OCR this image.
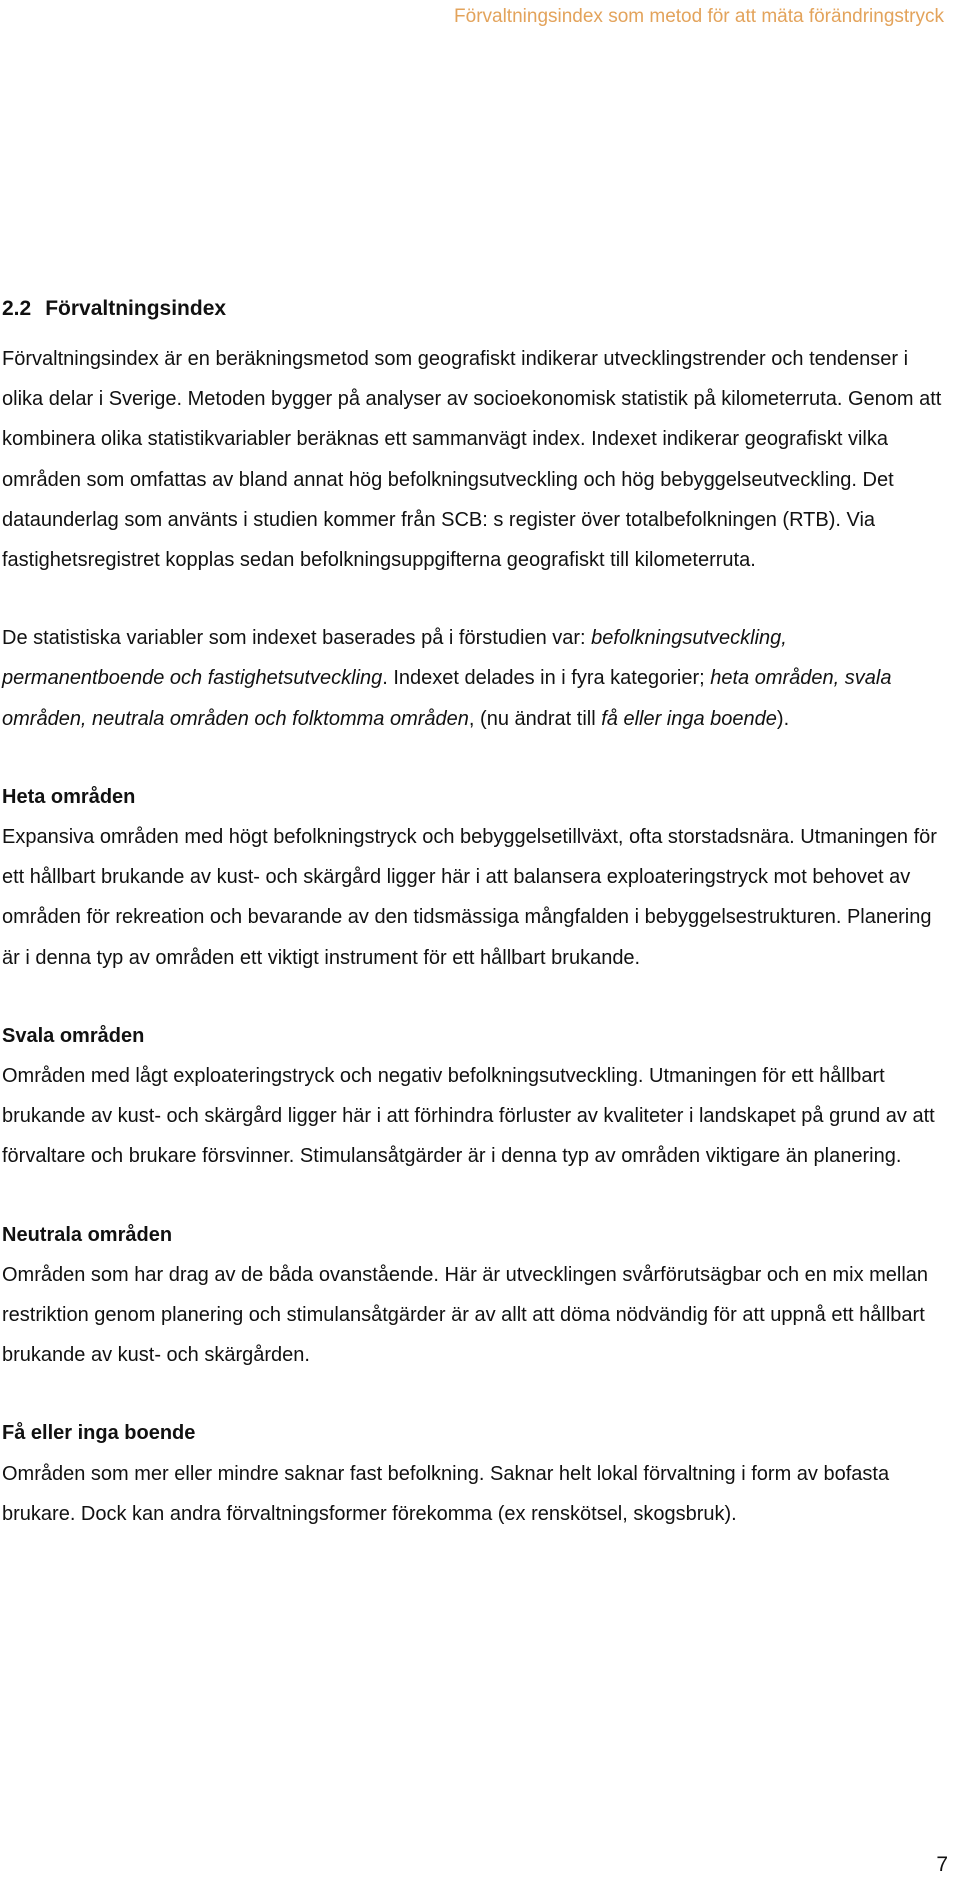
Förvaltningsindex som metod för att mäta förändringstryck
2.2 Förvaltningsindex

Förvaltningsindex är en beräkningsmetod som geografiskt indikerar utvecklingstrender och tendenser i olika delar i Sverige. Metoden bygger på analyser av socioekonomisk statistik på kilometerruta. Genom att kombinera olika statistikvariabler beräknas ett sammanvägt index. Indexet indikerar geografiskt vilka områden som omfattas av bland annat hög befolkningsutveckling och hög bebyggelseutveckling. Det dataunderlag som använts i studien kommer från SCB: s register över totalbefolkningen (RTB). Via fastighetsregistret kopplas sedan befolkningsuppgifterna geografiskt till kilometerruta.

De statistiska variabler som indexet baserades på i förstudien var: befolkningsutveckling, permanentboende och fastighetsutveckling. Indexet delades in i fyra kategorier; heta områden, svala områden, neutrala områden och folktomma områden, (nu ändrat till få eller inga boende).

Heta områden

Expansiva områden med högt befolkningstryck och bebyggelsetillväxt, ofta storstadsnära. Utmaningen för ett hållbart brukande av kust- och skärgård ligger här i att balansera exploateringstryck mot behovet av områden för rekreation och bevarande av den tidsmässiga mångfalden i bebyggelsestrukturen. Planering är i denna typ av områden ett viktigt instrument för ett hållbart brukande.

Svala områden

Områden med lågt exploateringstryck och negativ befolkningsutveckling. Utmaningen för ett hållbart brukande av kust- och skärgård ligger här i att förhindra förluster av kvaliteter i landskapet på grund av att förvaltare och brukare försvinner. Stimulansåtgärder är i denna typ av områden viktigare än planering.

Neutrala områden

Områden som har drag av de båda ovanstående. Här är utvecklingen svårförutsägbar och en mix mellan restriktion genom planering och stimulansåtgärder är av allt att döma nödvändig för att uppnå ett hållbart brukande av kust- och skärgården.

Få eller inga boende

Områden som mer eller mindre saknar fast befolkning. Saknar helt lokal förvaltning i form av bofasta brukare. Dock kan andra förvaltningsformer förekomma (ex renskötsel, skogsbruk).

7
